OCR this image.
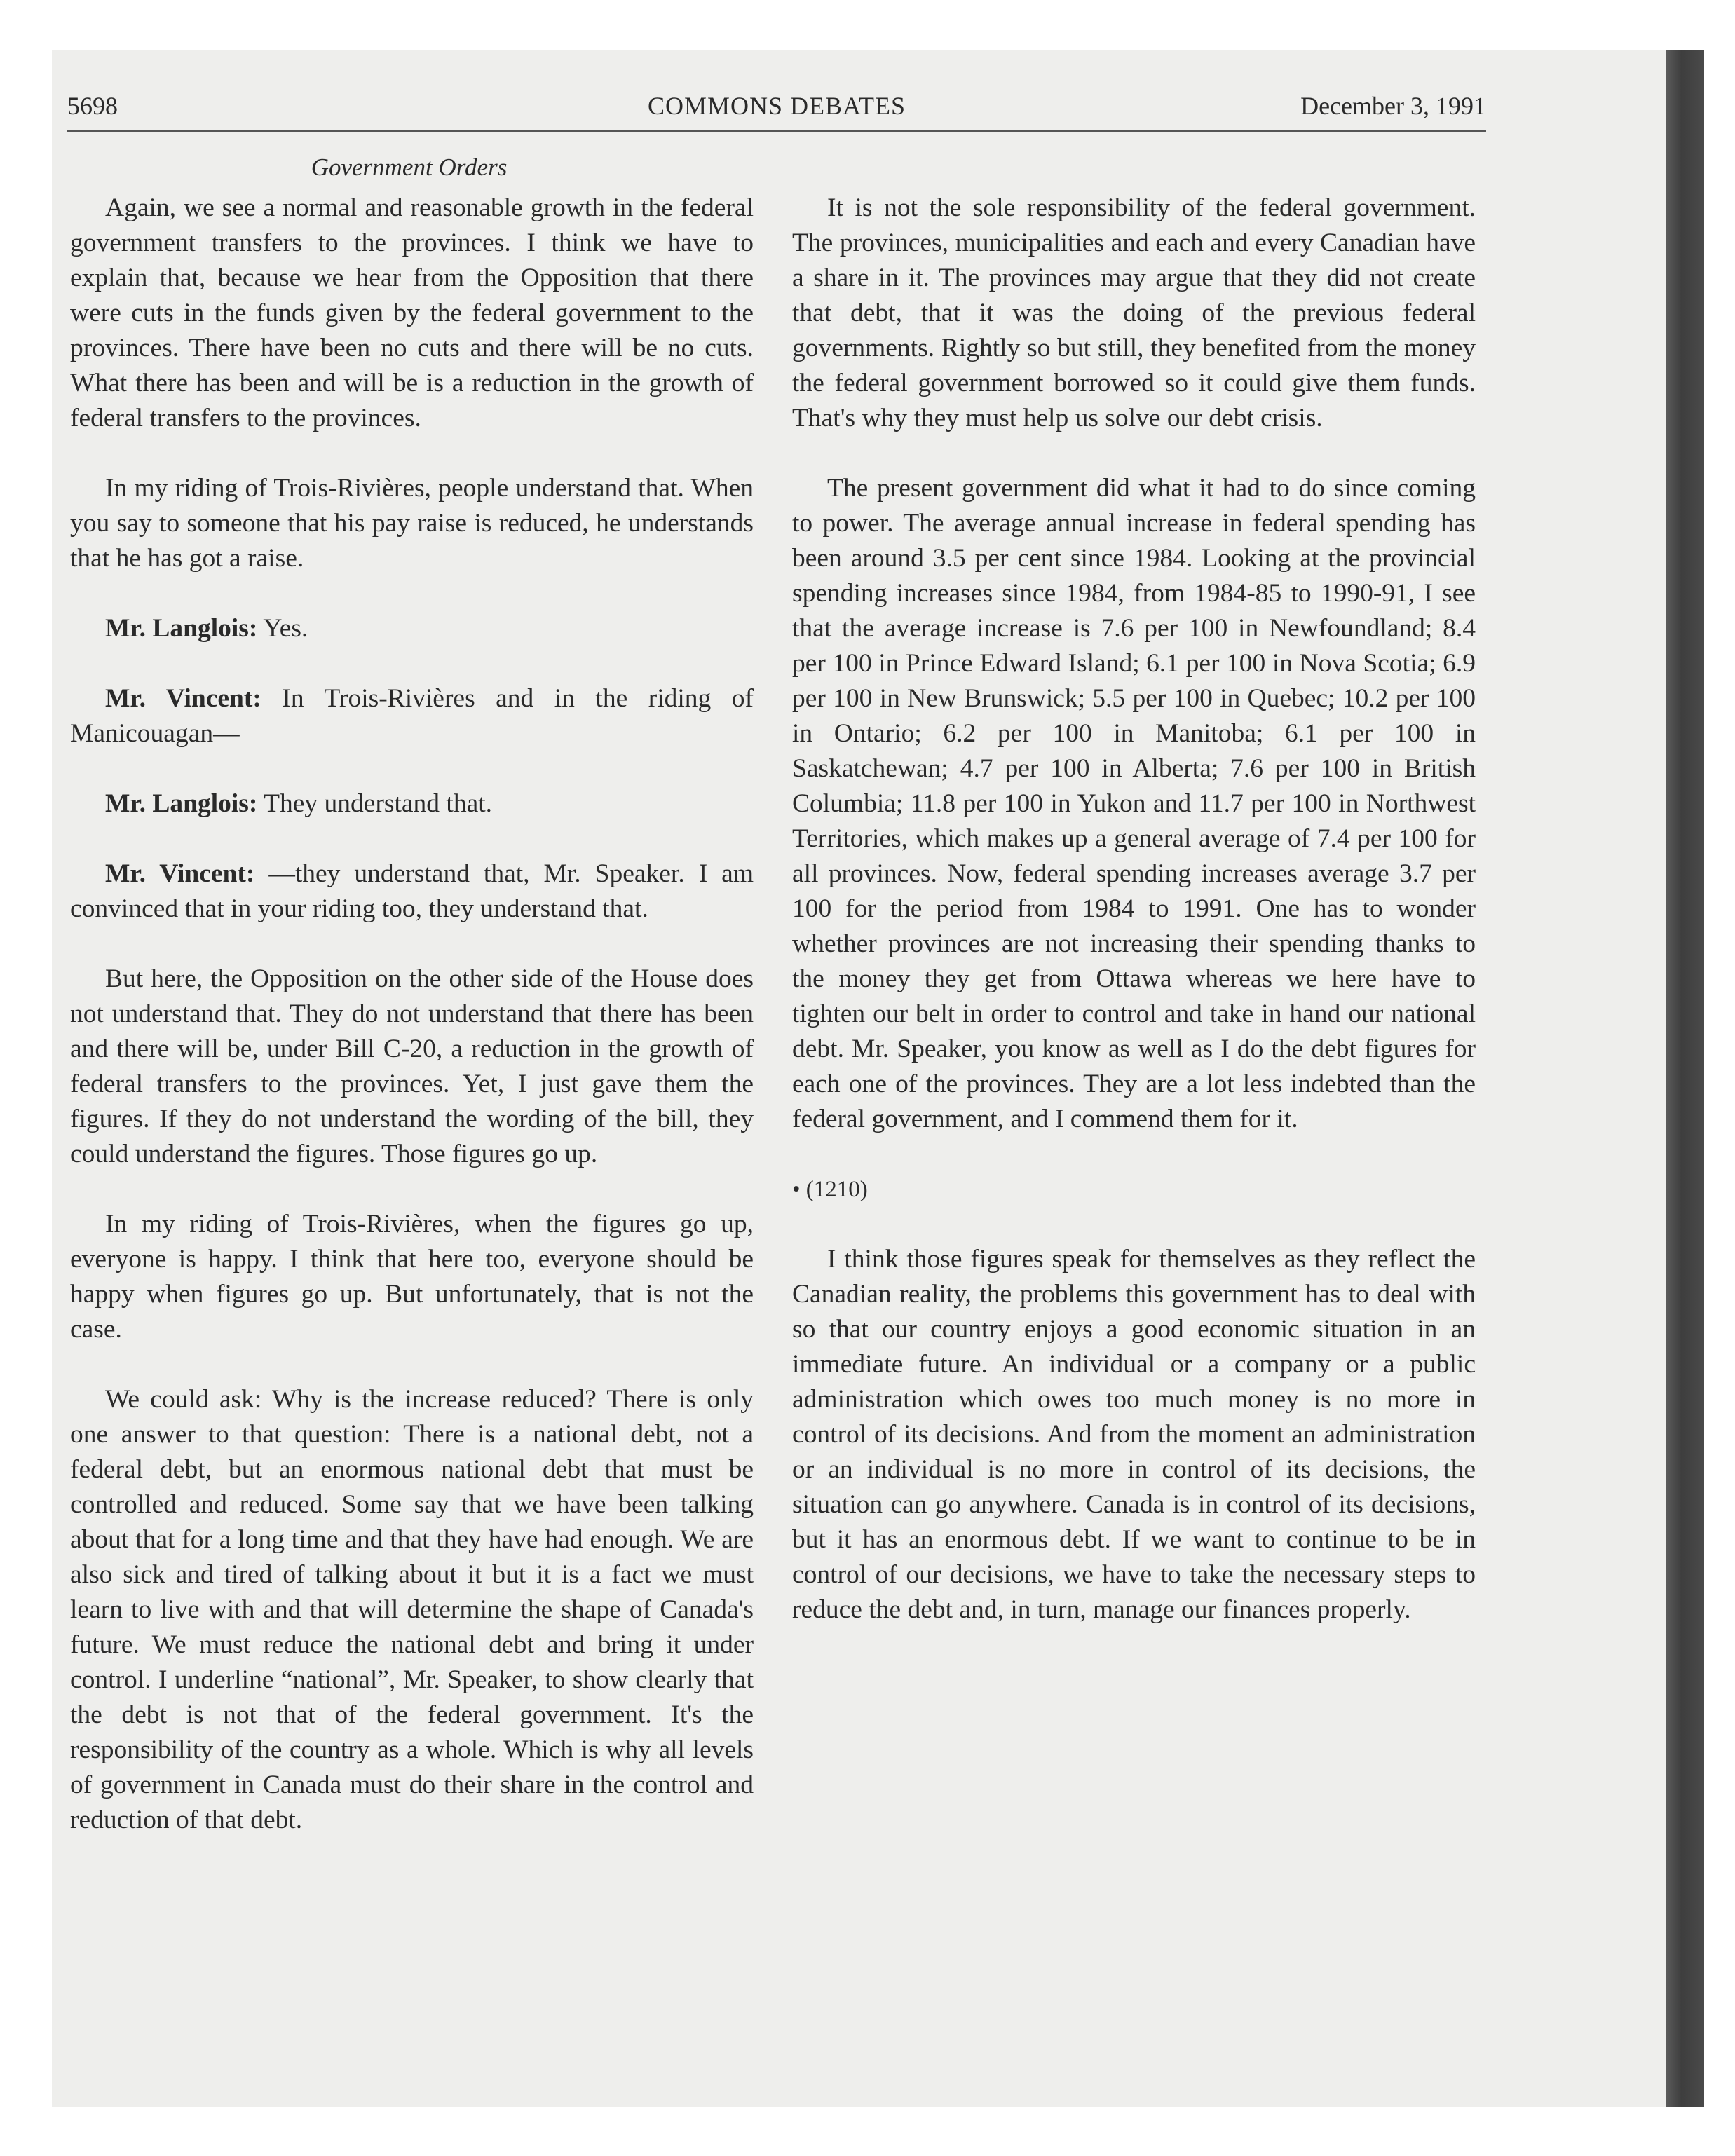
5698	COMMONS DEBATES	December 3, 1991
Government Orders

Again, we see a normal and reasonable growth in the federal government transfers to the provinces. I think we have to explain that, because we hear from the Opposition that there were cuts in the funds given by the federal government to the provinces. There have been no cuts and there will be no cuts. What there has been and will be is a reduction in the growth of federal transfers to the provinces.

In my riding of Trois-Rivières, people understand that. When you say to someone that his pay raise is reduced, he understands that he has got a raise.

Mr. Langlois: Yes.

Mr. Vincent: In Trois-Rivières and in the riding of Manicouagan—

Mr. Langlois: They understand that.

Mr. Vincent: —they understand that, Mr. Speaker. I am convinced that in your riding too, they understand that.

But here, the Opposition on the other side of the House does not understand that. They do not understand that there has been and there will be, under Bill C-20, a reduction in the growth of federal transfers to the provinces. Yet, I just gave them the figures. If they do not understand the wording of the bill, they could understand the figures. Those figures go up.

In my riding of Trois-Rivières, when the figures go up, everyone is happy. I think that here too, everyone should be happy when figures go up. But unfortunately, that is not the case.

We could ask: Why is the increase reduced? There is only one answer to that question: There is a national debt, not a federal debt, but an enormous national debt that must be controlled and reduced. Some say that we have been talking about that for a long time and that they have had enough. We are also sick and tired of talking about it but it is a fact we must learn to live with and that will determine the shape of Canada's future. We must reduce the national debt and bring it under control. I underline “national”, Mr. Speaker, to show clearly that the debt is not that of the federal government. It's the responsibility of the country as a whole. Which is why all levels of government in Canada must do their share in the control and reduction of that debt.

It is not the sole responsibility of the federal government. The provinces, municipalities and each and every Canadian have a share in it. The provinces may argue that they did not create that debt, that it was the doing of the previous federal governments. Rightly so but still, they benefited from the money the federal government borrowed so it could give them funds. That's why they must help us solve our debt crisis.

The present government did what it had to do since coming to power. The average annual increase in federal spending has been around 3.5 per cent since 1984. Looking at the provincial spending increases since 1984, from 1984-85 to 1990-91, I see that the average increase is 7.6 per 100 in Newfoundland; 8.4 per 100 in Prince Edward Island; 6.1 per 100 in Nova Scotia; 6.9 per 100 in New Brunswick; 5.5 per 100 in Quebec; 10.2 per 100 in Ontario; 6.2 per 100 in Manitoba; 6.1 per 100 in Saskatchewan; 4.7 per 100 in Alberta; 7.6 per 100 in British Columbia; 11.8 per 100 in Yukon and 11.7 per 100 in Northwest Territories, which makes up a general average of 7.4 per 100 for all provinces. Now, federal spending increases average 3.7 per 100 for the period from 1984 to 1991. One has to wonder whether provinces are not increasing their spending thanks to the money they get from Ottawa whereas we here have to tighten our belt in order to control and take in hand our national debt. Mr. Speaker, you know as well as I do the debt figures for each one of the provinces. They are a lot less indebted than the federal government, and I commend them for it.

• (1210)

I think those figures speak for themselves as they reflect the Canadian reality, the problems this government has to deal with so that our country enjoys a good economic situation in an immediate future. An individual or a company or a public administration which owes too much money is no more in control of its decisions. And from the moment an administration or an individual is no more in control of its decisions, the situation can go anywhere. Canada is in control of its decisions, but it has an enormous debt. If we want to continue to be in control of our decisions, we have to take the necessary steps to reduce the debt and, in turn, manage our finances properly.
